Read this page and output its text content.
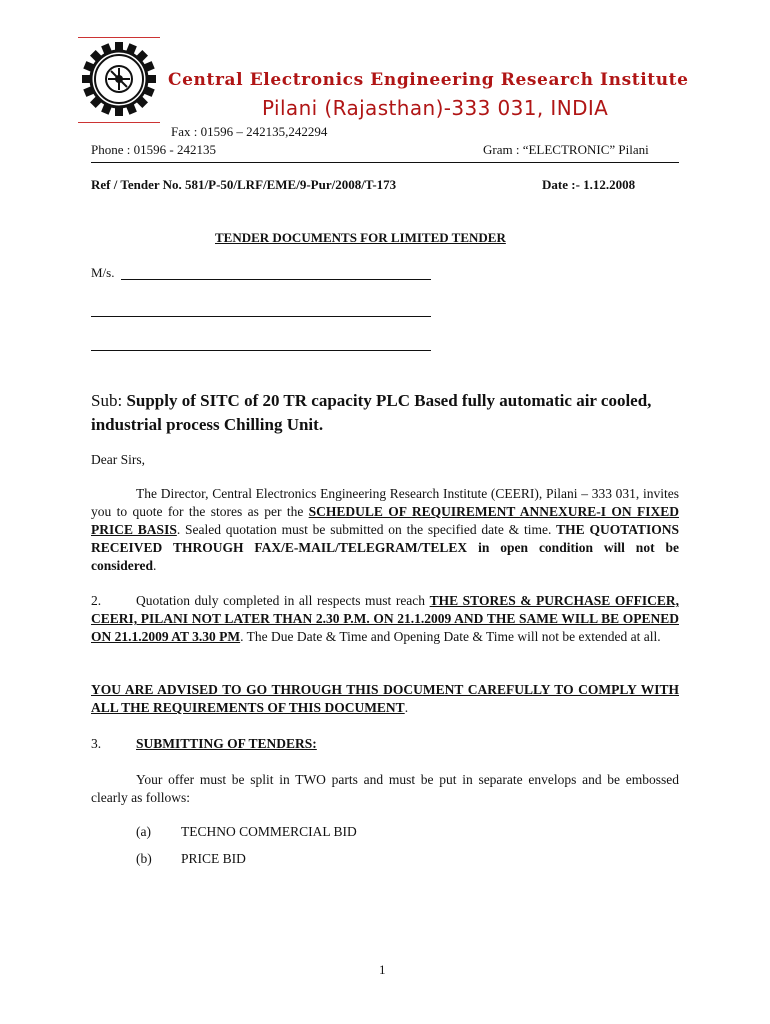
Central Electronics Engineering Research Institute
Pilani (Rajasthan)-333 031, INDIA
Fax : 01596 – 242135,242294
Phone : 01596 - 242135	Gram : “ELECTRONIC” Pilani
Ref / Tender No. 581/P-50/LRF/EME/9-Pur/2008/T-173	Date :- 1.12.2008
TENDER DOCUMENTS FOR LIMITED TENDER
M/s.
Sub: Supply of SITC of 20 TR capacity PLC Based fully automatic air cooled, industrial process Chilling Unit.
Dear Sirs,
The Director, Central Electronics Engineering Research Institute (CEERI), Pilani – 333 031, invites you to quote for the stores as per the SCHEDULE OF REQUIREMENT ANNEXURE-I ON FIXED PRICE BASIS. Sealed quotation must be submitted on the specified date & time. THE QUOTATIONS RECEIVED THROUGH FAX/E-MAIL/TELEGRAM/TELEX in open condition will not be considered.
2.	Quotation duly completed in all respects must reach THE STORES & PURCHASE OFFICER, CEERI, PILANI NOT LATER THAN 2.30 P.M. ON 21.1.2009 AND THE SAME WILL BE OPENED ON 21.1.2009 AT 3.30 PM. The Due Date & Time and Opening Date & Time will not be extended at all.
YOU ARE ADVISED TO GO THROUGH THIS DOCUMENT CAREFULLY TO COMPLY WITH ALL THE REQUIREMENTS OF THIS DOCUMENT.
3.	SUBMITTING OF TENDERS:
Your offer must be split in TWO parts and must be put in separate envelops and be embossed clearly as follows:
(a) TECHNO COMMERCIAL BID
(b) PRICE BID
1
